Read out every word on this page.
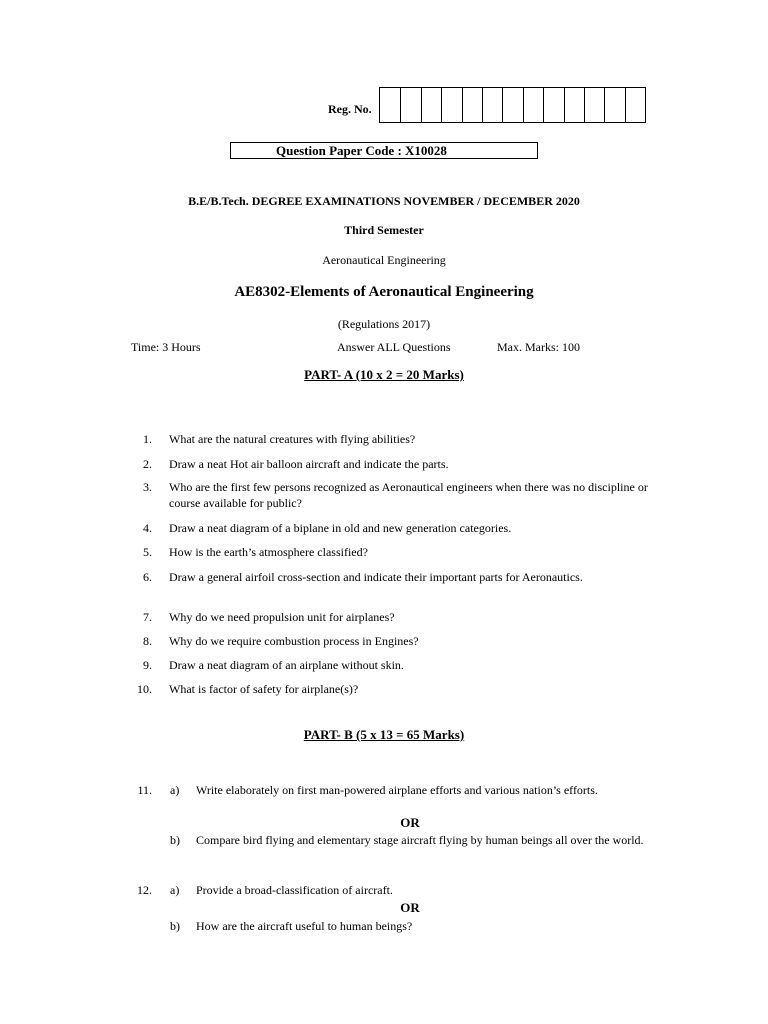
Reg. No.
Question Paper Code : X10028
B.E/B.Tech. DEGREE EXAMINATIONS NOVEMBER / DECEMBER 2020
Third Semester
Aeronautical Engineering
AE8302-Elements of Aeronautical Engineering
(Regulations 2017)
Time: 3 Hours	Answer ALL Questions	Max. Marks: 100
PART- A (10 x 2 = 20 Marks)
1. What are the natural creatures with flying abilities?
2. Draw a neat Hot air balloon aircraft and indicate the parts.
3. Who are the first few persons recognized as Aeronautical engineers when there was no discipline or course available for public?
4. Draw a neat diagram of a biplane in old and new generation categories.
5. How is the earth’s atmosphere classified?
6. Draw a general airfoil cross-section and indicate their important parts for Aeronautics.
7. Why do we need propulsion unit for airplanes?
8. Why do we require combustion process in Engines?
9. Draw a neat diagram of an airplane without skin.
10. What is factor of safety for airplane(s)?
PART- B (5 x 13 = 65 Marks)
11. a) Write elaborately on first man-powered airplane efforts and various nation’s efforts.
OR
b) Compare bird flying and elementary stage aircraft flying by human beings all over the world.
12. a) Provide a broad-classification of aircraft.
OR
b) How are the aircraft useful to human beings?
